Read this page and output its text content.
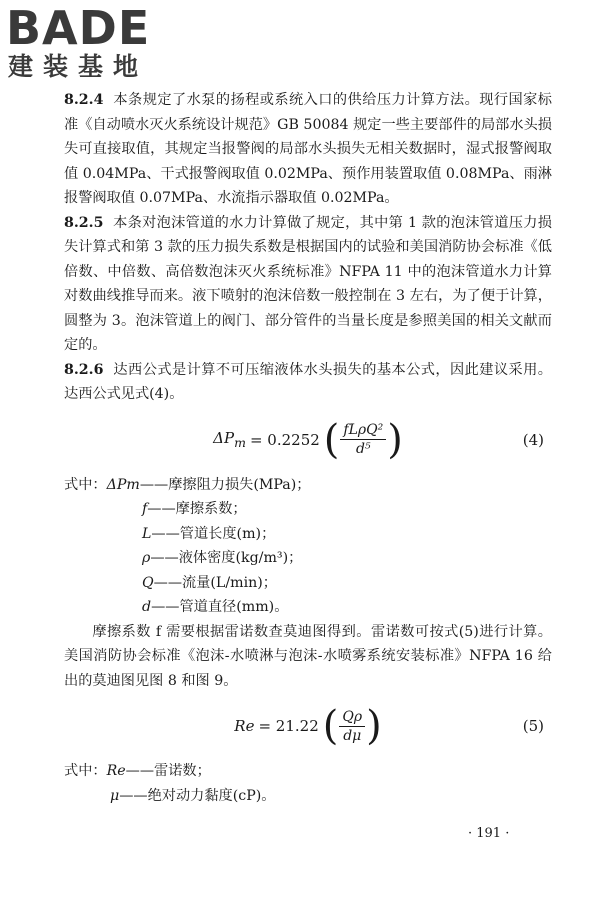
BADE
建装基地

8.2.4 本条规定了水泵的扬程或系统入口的供给压力计算方法。现行国家标准《自动喷水灭火系统设计规范》GB 50084 规定一些主要部件的局部水头损失可直接取值，其规定当报警阀的局部水头损失无相关数据时，湿式报警阀取值 0.04MPa、干式报警阀取值 0.02MPa、预作用装置取值 0.08MPa、雨淋报警阀取值 0.07MPa、水流指示器取值 0.02MPa。

8.2.5 本条对泡沫管道的水力计算做了规定，其中第 1 款的泡沫管道压力损失计算式和第 3 款的压力损失系数是根据国内的试验和美国消防协会标准《低倍数、中倍数、高倍数泡沫灭火系统标准》NFPA 11 中的泡沫管道水力计算对数曲线推导而来。液下喷射的泡沫倍数一般控制在 3 左右，为了便于计算，圆整为 3。泡沫管道上的阀门、部分管件的当量长度是参照美国的相关文献而定的。

8.2.6 达西公式是计算不可压缩液体水头损失的基本公式，因此建议采用。达西公式见式(4)。

$\Delta P_m = 0.2252$ ( $\frac{\text{fLρQ²}}{\text{d⁵}}$ )	(4)
式中： ΔPm —— 摩擦阻力损失(MPa)；
f —— 摩擦系数；
L —— 管道长度(m)；
ρ —— 液体密度(kg/m³)；
Q —— 流量(L/min)；
d —— 管道直径(mm)。

摩擦系数 f 需要根据雷诺数查莫迪图得到。雷诺数可按式(5)进行计算。美国消防协会标准《泡沫-水喷淋与泡沫-水喷雾系统安装标准》NFPA 16 给出的莫迪图见图 8 和图 9。

Re = 21.22 ( $\frac{Q\rho}{d\mu}$ )	(5)
式中： Re —— 雷诺数；
μ —— 绝对动力黏度(cP)。
· 191 ·
